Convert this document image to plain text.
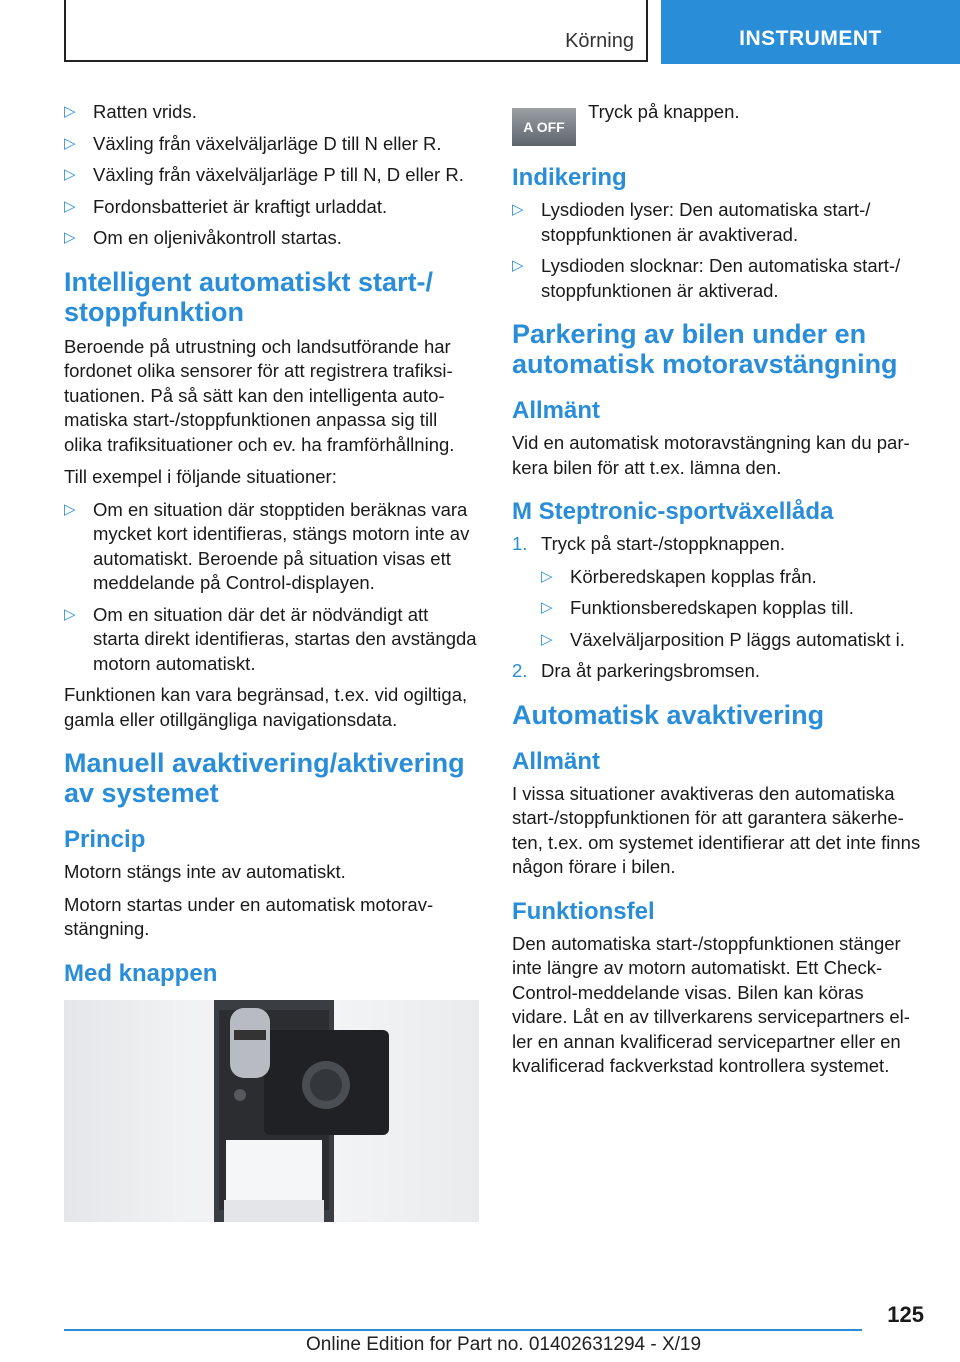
Körning	INSTRUMENT
▷ Ratten vrids.
▷ Växling från växelväljarläge D till N eller R.
▷ Växling från växelväljarläge P till N, D eller R.
▷ Fordonsbatteriet är kraftigt urladdat.
▷ Om en oljenivåkontroll startas.
Intelligent automatiskt start-/ stoppfunktion

Beroende på utrustning och landsutförande har fordonet olika sensorer för att registrera trafiksituationen. På så sätt kan den intelligenta automatiska start-/stoppfunktionen anpassa sig till olika trafiksituationer och ev. ha framförhållning.

Till exempel i följande situationer:

▷ Om en situation där stopptiden beräknas vara mycket kort identifieras, stängs motorn inte av automatiskt. Beroende på situation visas ett meddelande på Control-displayen.
▷ Om en situation där det är nödvändigt att starta direkt identifieras, startas den avstängda motorn automatiskt.

Funktionen kan vara begränsad, t.ex. vid ogiltiga, gamla eller otillgängliga navigationsdata.

Manuell avaktivering/aktivering av systemet
Princip

Motorn stängs inte av automatiskt.

Motorn startas under en automatisk motoravstängning.

Med knappen
A OFF

Tryck på knappen.

Indikering
▷ Lysdioden lyser: Den automatiska start-/ stoppfunktionen är avaktiverad.
▷ Lysdioden slocknar: Den automatiska start-/ stoppfunktionen är aktiverad.
Parkering av bilen under en automatisk motoravstängning
Allmänt

Vid en automatisk motoravstängning kan du parkera bilen för att t.ex. lämna den.

M Steptronic-sportväxellåda
1. Tryck på start-/stoppknappen.
▷ Körberedskapen kopplas från.
▷ Funktionsberedskapen kopplas till.
▷ Växelväljarposition P läggs automatiskt i.
2. Dra åt parkeringsbromsen.
Automatisk avaktivering
Allmänt

I vissa situationer avaktiveras den automatiska start-/stoppfunktionen för att garantera säkerheten, t.ex. om systemet identifierar att det inte finns någon förare i bilen.

Funktionsfel

Den automatiska start-/stoppfunktionen stänger inte längre av motorn automatiskt. Ett Check-Control-meddelande visas. Bilen kan köras vidare. Låt en av tillverkarens servicepartners eller en annan kvalificerad servicepartner eller en kvalificerad fackverkstad kontrollera systemet.

125
Online Edition for Part no. 01402631294 - X/19
